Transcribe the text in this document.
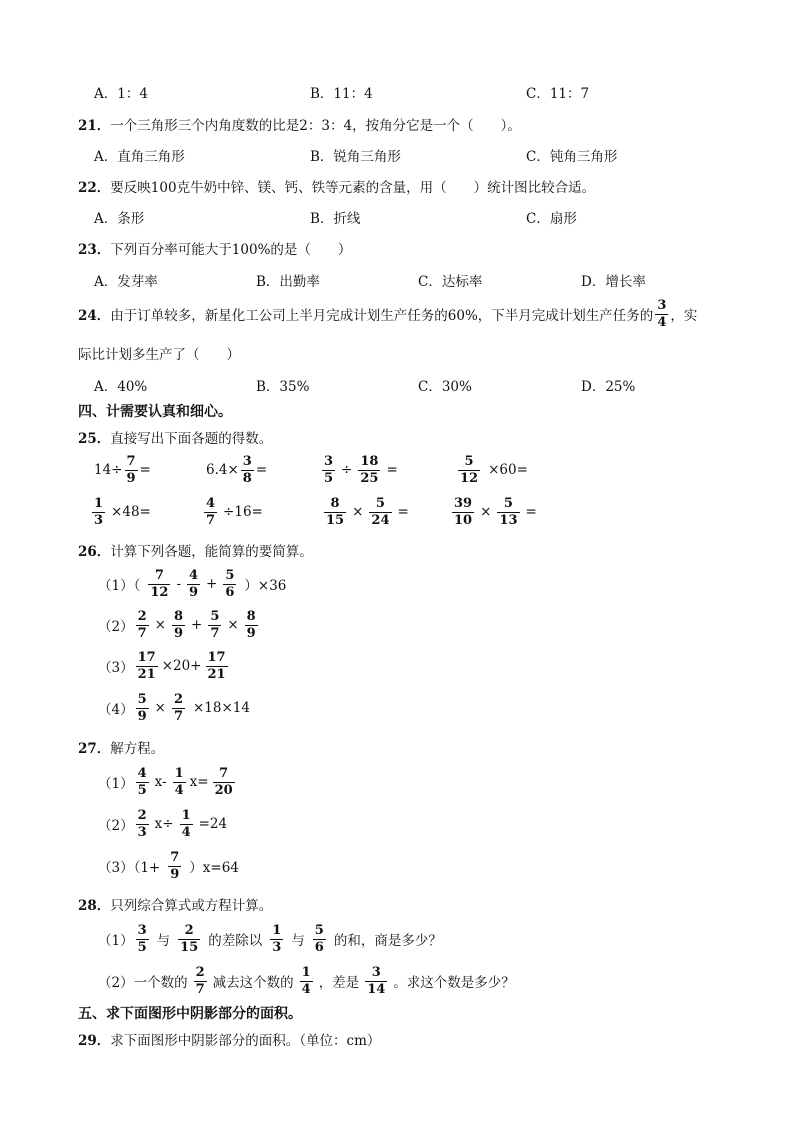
A．1：4	B．11：4	C．11：7
21． 一个三角形三个内角度数的比是2：3：4，按角分它是一个（　　）。
A．直角三角形	B．锐角三角形	C．钝角三角形
22． 要反映100克牛奶中锌、镁、钙、铁等元素的含量，用（　　）统计图比较合适。
A．条形	B．折线	C．扇形
23． 下列百分率可能大于100%的是（　　）
A．发芽率	B．出勤率	C．达标率	D．增长率
24． 由于订单较多，新星化工公司上半月完成计划生产任务的60%，下半月完成计划生产任务的 $\frac{3}{4}$ ，实
际比计划多生产了（　　）
A．40%	B．35%	C．30%	D．25%
四、计需要认真和细心。
25． 直接写出下面各题的得数。
$14\div \frac{7}{9}$ =	$6.4\times \frac{3}{8}$ =	$\frac{3}{5} \div \frac{18}{25}$ =	$\frac{5}{12} \times 60=$
$\frac{1}{3} \times 48=$	$\frac{4}{7} \div 16=$	$\frac{8}{15} \times \frac{5}{24}$ =	$\frac{39}{10} \times \frac{5}{13}$ =
26． 计算下列各题，能简算的要简算。
$(1)( \frac{7}{12} - \frac{4}{9} + \frac{5}{6} )\times 36$
$(2) \frac{2}{7} \times \frac{8}{9} + \frac{5}{7} \times \frac{8}{9}$
$(3) \frac{17}{21} \times 20+ \frac{17}{21}$
$(4) \frac{5}{9} \times \frac{2}{7} \times 18\times 14$
27． 解方程。
$(1) \frac{4}{5} x- \frac{1}{4} x= \frac{7}{20}$
$(2) \frac{2}{3} x\div \frac{1}{4} =24$
$(3)(1+ \frac{7}{9} )x=64$
28． 只列综合算式或方程计算。
$(1) \frac{3}{5}$ 与 $\frac{2}{15}$ 的差除以 $\frac{1}{3}$ 与 $\frac{5}{6}$ 的和，商是多少？
（2）一个数的 $\frac{2}{7}$ 减去这个数的 $\frac{1}{4}$ ，差是 $\frac{3}{14}$ 。求这个数是多少？
五、求下面图形中阴影部分的面积。
29． 求下面图形中阴影部分的面积。（单位：cm）
